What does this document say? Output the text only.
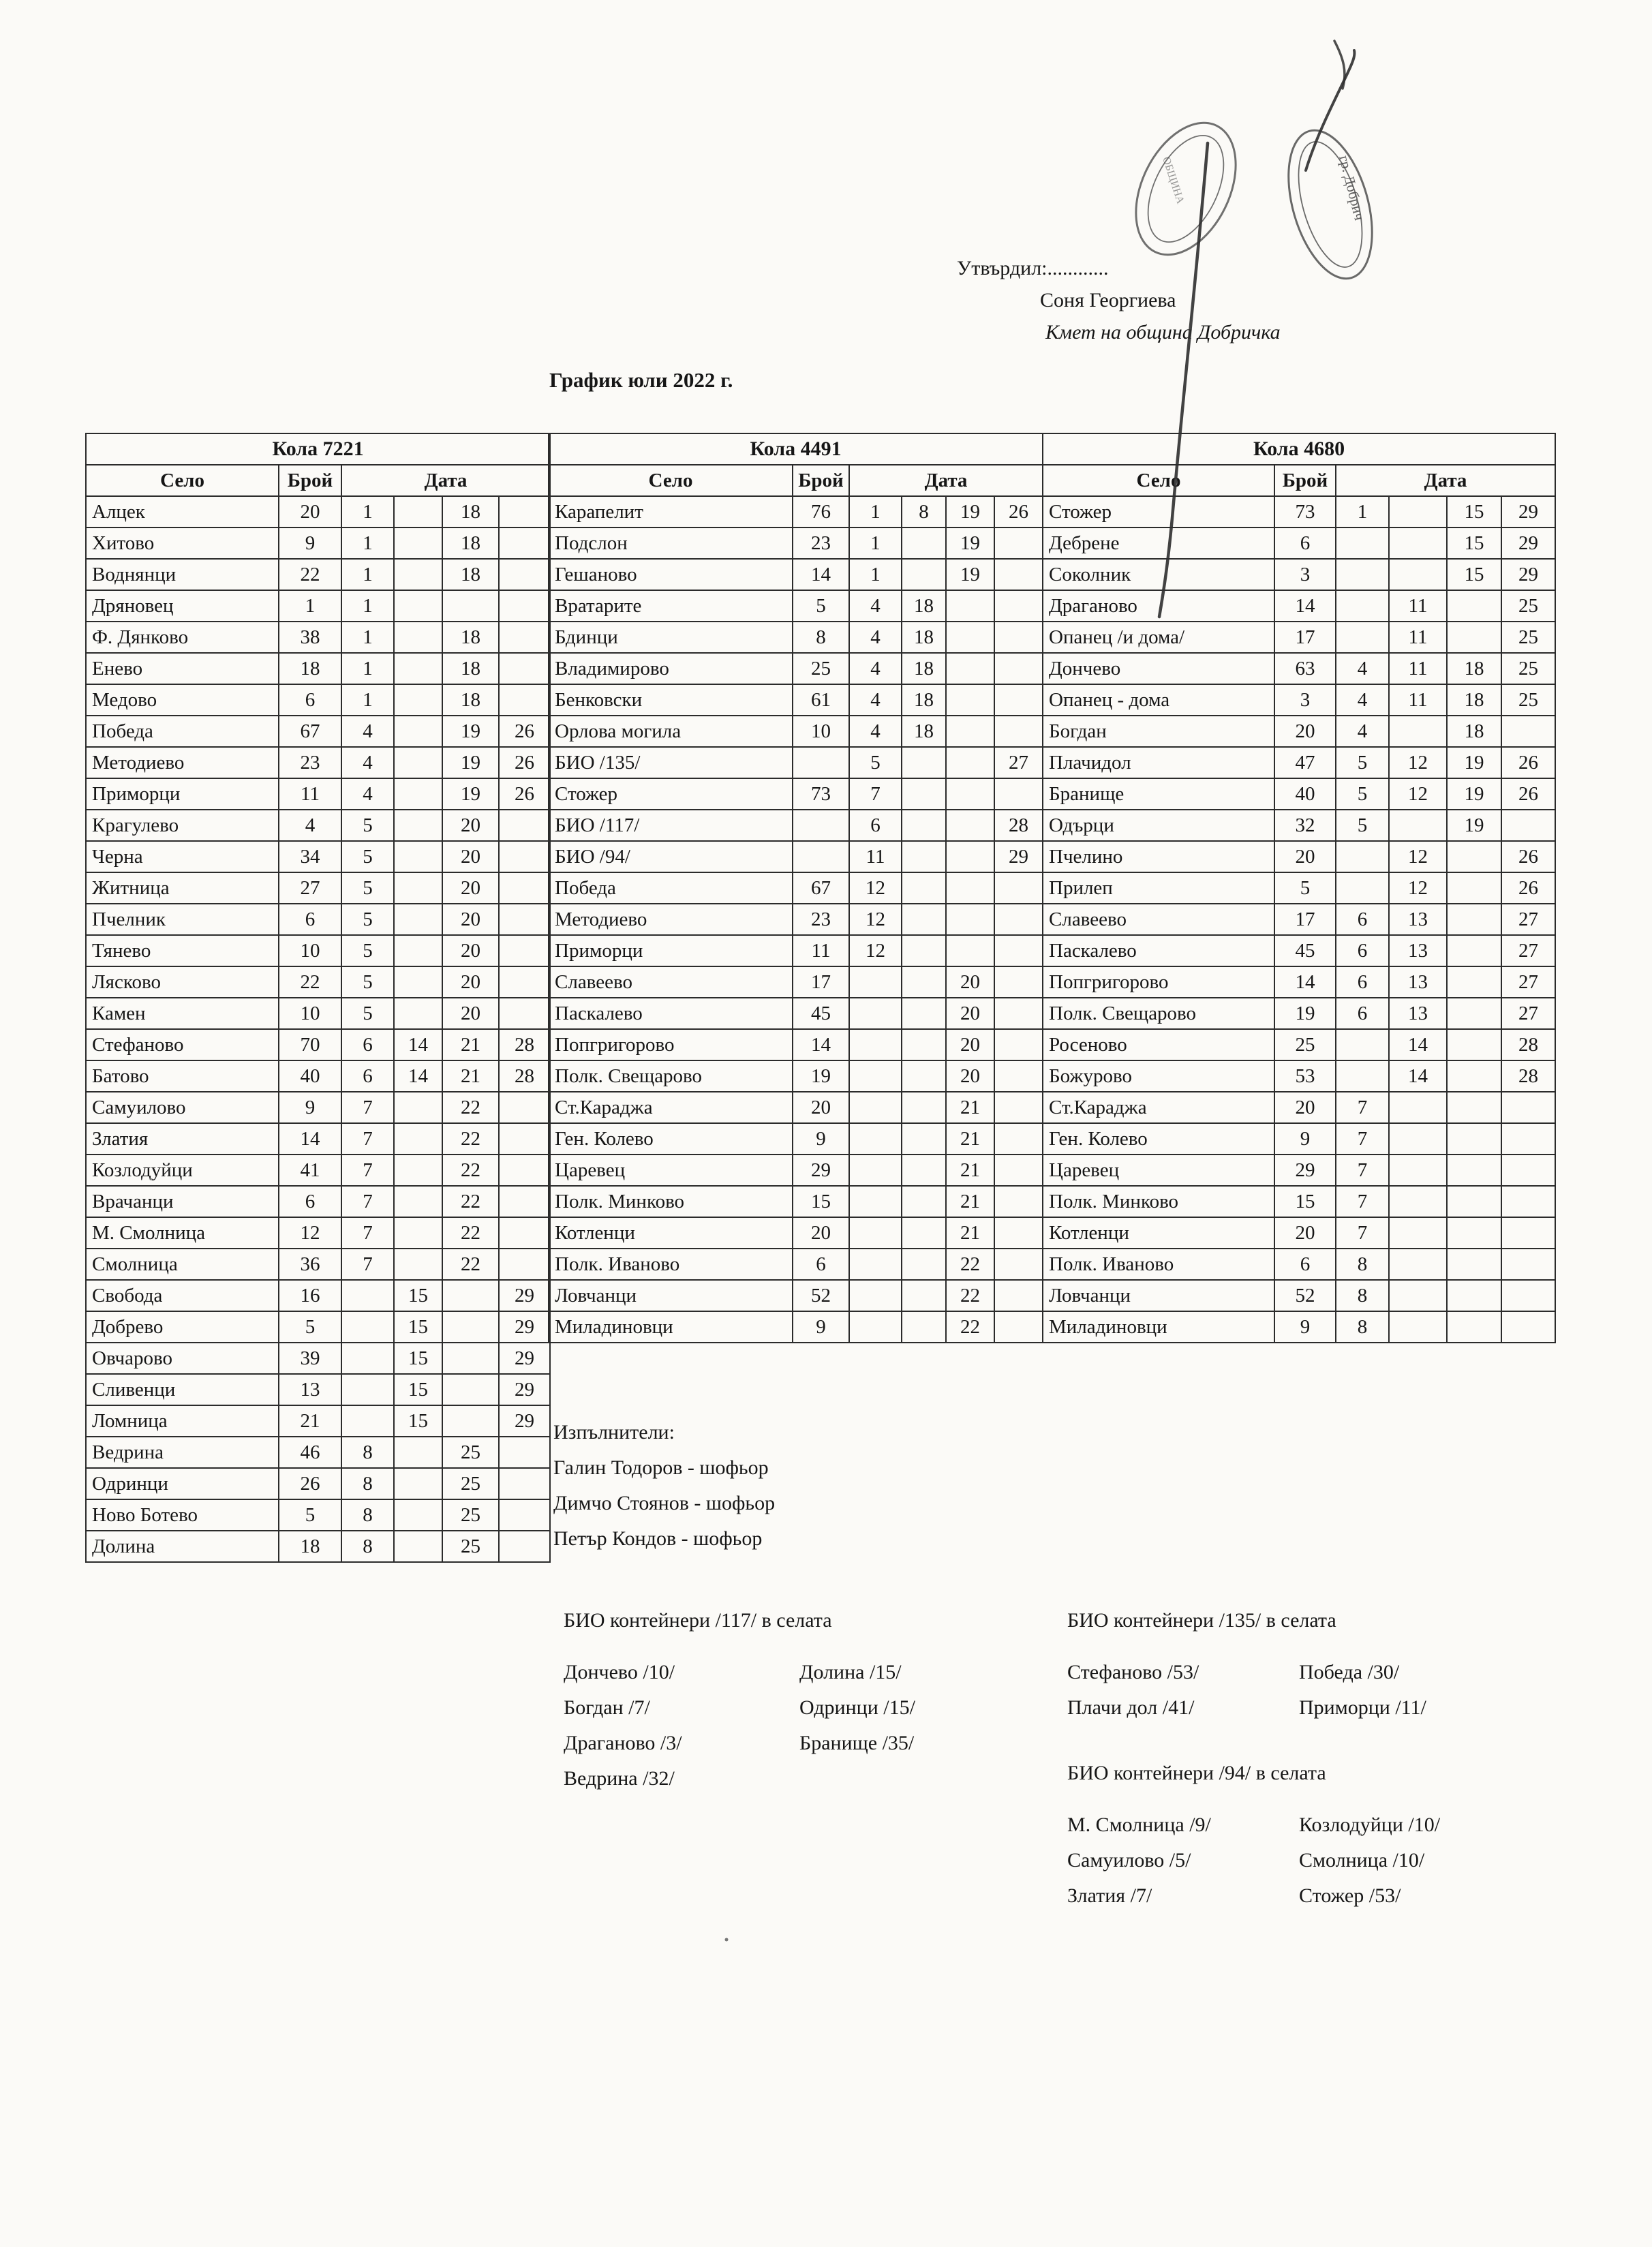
ОБЩИНА	гр. Добрич
Утвърдил:............
Соня Георгиева
Кмет на община Добричка
График юли 2022 г.
Кола 7221					
Село	Брой	Дата			
Алцек	20	1		18	
Хитово	9	1		18	
Воднянци	22	1		18	
Дряновец	1	1			
Ф. Дянково	38	1		18	
Енево	18	1		18	
Медово	6	1		18	
Победа	67	4		19	26
Методиево	23	4		19	26
Приморци	11	4		19	26
Крагулево	4	5		20	
Черна	34	5		20	
Житница	27	5		20	
Пчелник	6	5		20	
Тянево	10	5		20	
Лясково	22	5		20	
Камен	10	5		20	
Стефаново	70	6	14	21	28
Батово	40	6	14	21	28
Самуилово	9	7		22	
Златия	14	7		22	
Козлодуйци	41	7		22	
Врачанци	6	7		22	
М. Смолница	12	7		22	
Смолница	36	7		22	
Свобода	16		15		29
Добрево	5		15		29
Овчарово	39		15		29
Сливенци	13		15		29
Ломница	21		15		29
Ведрина	46	8		25	
Одринци	26	8		25	
Ново Ботево	5	8		25	
Долина	18	8		25	
Кола 4491					
Село	Брой	Дата			
Карапелит	76	1	8	19	26
Подслон	23	1		19	
Гешаново	14	1		19	
Вратарите	5	4	18		
Бдинци	8	4	18		
Владимирово	25	4	18		
Бенковски	61	4	18		
Орлова могила	10	4	18		
БИО /135/		5			27
Стожер	73	7			
БИО /117/		6			28
БИО /94/		11			29
Победа	67	12			
Методиево	23	12			
Приморци	11	12			
Славеево	17			20	
Паскалево	45			20	
Попгригорово	14			20	
Полк. Свещарово	19			20	
Ст.Караджа	20			21	
Ген. Колево	9			21	
Царевец	29			21	
Полк. Минково	15			21	
Котленци	20			21	
Полк. Иваново	6			22	
Ловчанци	52			22	
Миладиновци	9			22	
Кола 4680					
Село	Брой	Дата			
Стожер	73	1		15	29
Дебрене	6			15	29
Соколник	3			15	29
Драганово	14		11		25
Опанец /и дома/	17		11		25
Дончево	63	4	11	18	25
Опанец - дома	3	4	11	18	25
Богдан	20	4		18	
Плачидол	47	5	12	19	26
Бранище	40	5	12	19	26
Одърци	32	5		19	
Пчелино	20		12		26
Прилеп	5		12		26
Славеево	17	6	13		27
Паскалево	45	6	13		27
Попгригорово	14	6	13		27
Полк. Свещарово	19	6	13		27
Росеново	25		14		28
Божурово	53		14		28
Ст.Караджа	20	7			
Ген. Колево	9	7			
Царевец	29	7			
Полк. Минково	15	7			
Котленци	20	7			
Полк. Иваново	6	8			
Ловчанци	52	8			
Миладиновци	9	8			
Изпълнители:
Галин Тодоров - шофьор
Димчо Стоянов - шофьор
Петър Кондов - шофьор
БИО контейнери /117/ в селата
Дончево /10/	Долина /15/
Богдан /7/	Одринци /15/
Драганово /3/	Бранище /35/
Ведрина /32/
БИО контейнери /135/ в селата
Стефаново /53/	Победа /30/
Плачи дол /41/	Приморци /11/
БИО контейнери /94/ в селата
М. Смолница /9/	Козлодуйци /10/
Самуилово /5/	Смолница /10/
Златия /7/	Стожер /53/
